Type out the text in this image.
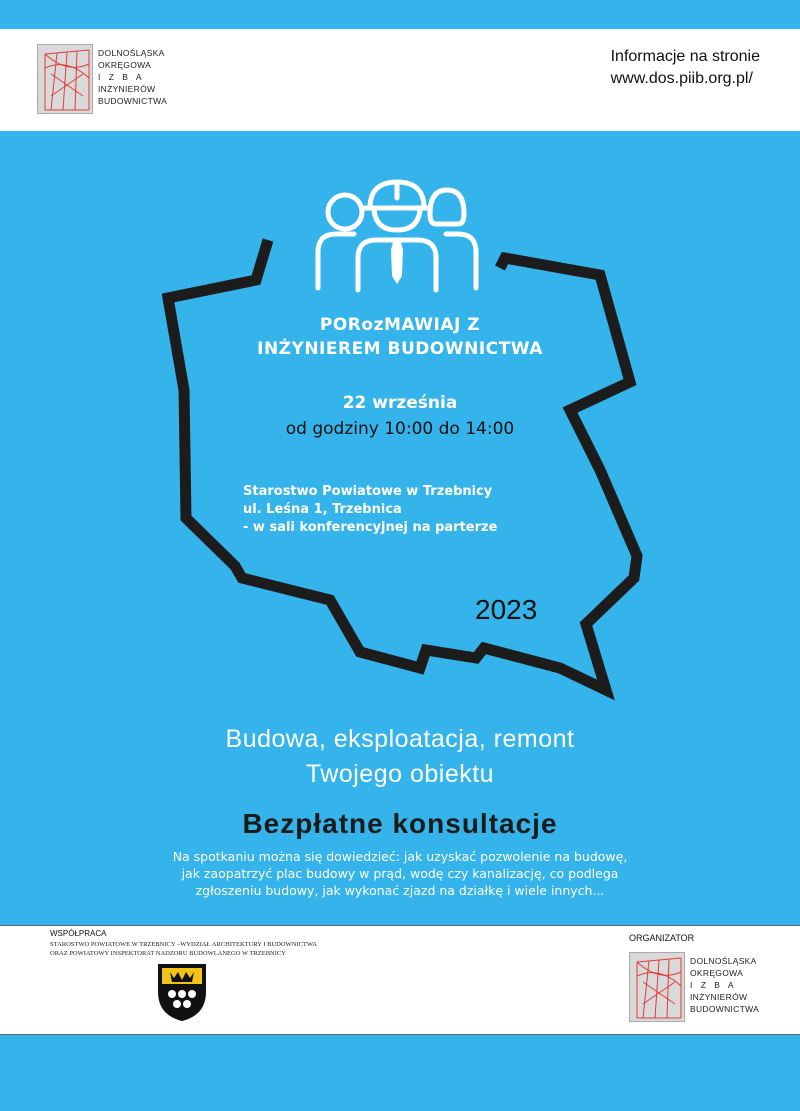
DOLNOŚLĄSKA
OKRĘGOWA
I Z B A
INŻYNIERÓW
BUDOWNICTWA
Informacje na stronie
www.dos.piib.org.pl/
PORozMAWIAJ Z
INŻYNIEREM BUDOWNICTWA
22 września
od godziny 10:00 do 14:00
Starostwo Powiatowe w Trzebnicy
ul. Leśna 1, Trzebnica
- w sali konferencyjnej na parterze
2023
Budowa, eksploatacja, remont
Twojego obiektu
Bezpłatne konsultacje
Na spotkaniu można się dowiedzieć: jak uzyskać pozwolenie na budowę,
jak zaopatrzyć plac budowy w prąd, wodę czy kanalizację, co podlega
zgłoszeniu budowy, jak wykonać zjazd na działkę i wiele innych...
WSPÓŁPRACA
STAROSTWO POWIATOWE W TRZEBNICY –WYDZIAŁ ARCHITEKTURY I BUDOWNICTWA
ORAZ POWIATOWY INSPEKTORAT NADZORU BUDOWLANEGO W TRZEBNICY
ORGANIZATOR
DOLNOŚLĄSKA
OKRĘGOWA
I Z B A
INŻYNIERÓW
BUDOWNICTWA
